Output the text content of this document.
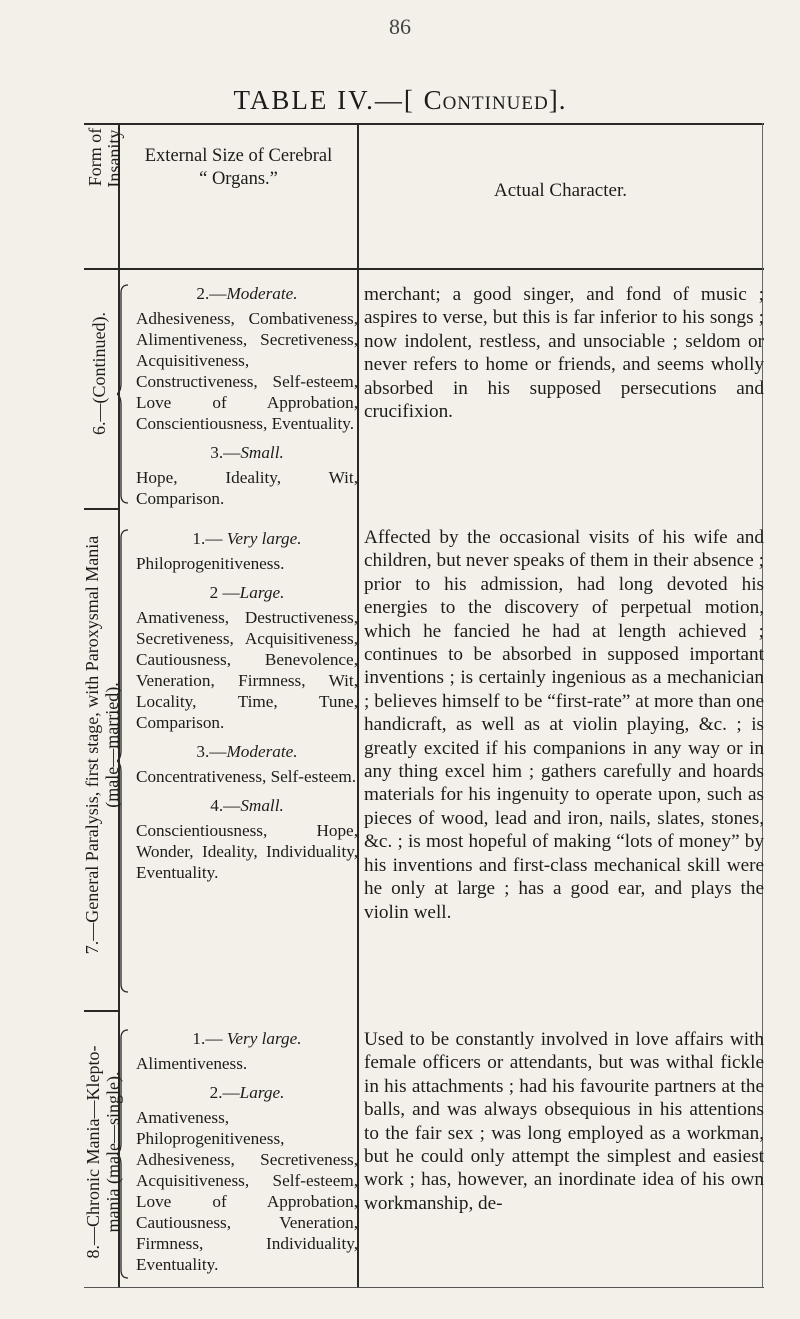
86
TABLE IV.—[ Continued].
Form of Insanity.	External Size of Cerebral
“ Organs.”
Actual Character.
6.—(Continued).
7.—General Paralysis, first stage, with Paroxysmal Mania (male—married).
8.—Chronic Mania—Klepto- mania (male—single).
2.—Moderate.

Adhesiveness, Combativeness, Alimentiveness, Secretiveness, Acquisitiveness, Constructiveness, Self-esteem, Love of Approbation, Conscientiousness, Eventuality.

3.—Small.

Hope, Ideality, Wit, Comparison.

merchant; a good singer, and fond of music ; aspires to verse, but this is far inferior to his songs ; now indolent, restless, and unsociable ; seldom or never refers to home or friends, and seems wholly absorbed in his supposed persecutions and crucifixion.
1.— Very large.

Philoprogenitiveness.

2 —Large.

Amativeness, Destructiveness, Secretiveness, Acquisitiveness, Cautiousness, Benevolence, Veneration, Firmness, Wit, Locality, Time, Tune, Comparison.

3.—Moderate.

Concentrativeness, Self-esteem.

4.—Small.

Conscientiousness, Hope, Wonder, Ideality, Individuality, Eventuality.

Affected by the occasional visits of his wife and children, but never speaks of them in their absence ; prior to his admission, had long devoted his energies to the discovery of perpetual motion, which he fancied he had at length achieved ; continues to be absorbed in supposed important inventions ; is certainly ingenious as a mechanician ; believes himself to be “first-rate” at more than one handicraft, as well as at violin playing, &c. ; is greatly excited if his companions in any way or in any thing excel him ; gathers carefully and hoards materials for his ingenuity to operate upon, such as pieces of wood, lead and iron, nails, slates, stones, &c. ; is most hopeful of making “lots of money” by his inventions and first-class mechanical skill were he only at large ; has a good ear, and plays the violin well.
1.— Very large.

Alimentiveness.

2.—Large.

Amativeness, Philoprogenitiveness, Adhesiveness, Secretiveness, Acquisitiveness, Self-esteem, Love of Approbation, Cautiousness, Veneration, Firmness, Individuality, Eventuality.

Used to be constantly involved in love affairs with female officers or attendants, but was withal fickle in his attachments ; had his favourite partners at the balls, and was always obsequious in his attentions to the fair sex ; was long employed as a workman, but he could only attempt the simplest and easiest work ; has, however, an inordinate idea of his own workmanship, de-
